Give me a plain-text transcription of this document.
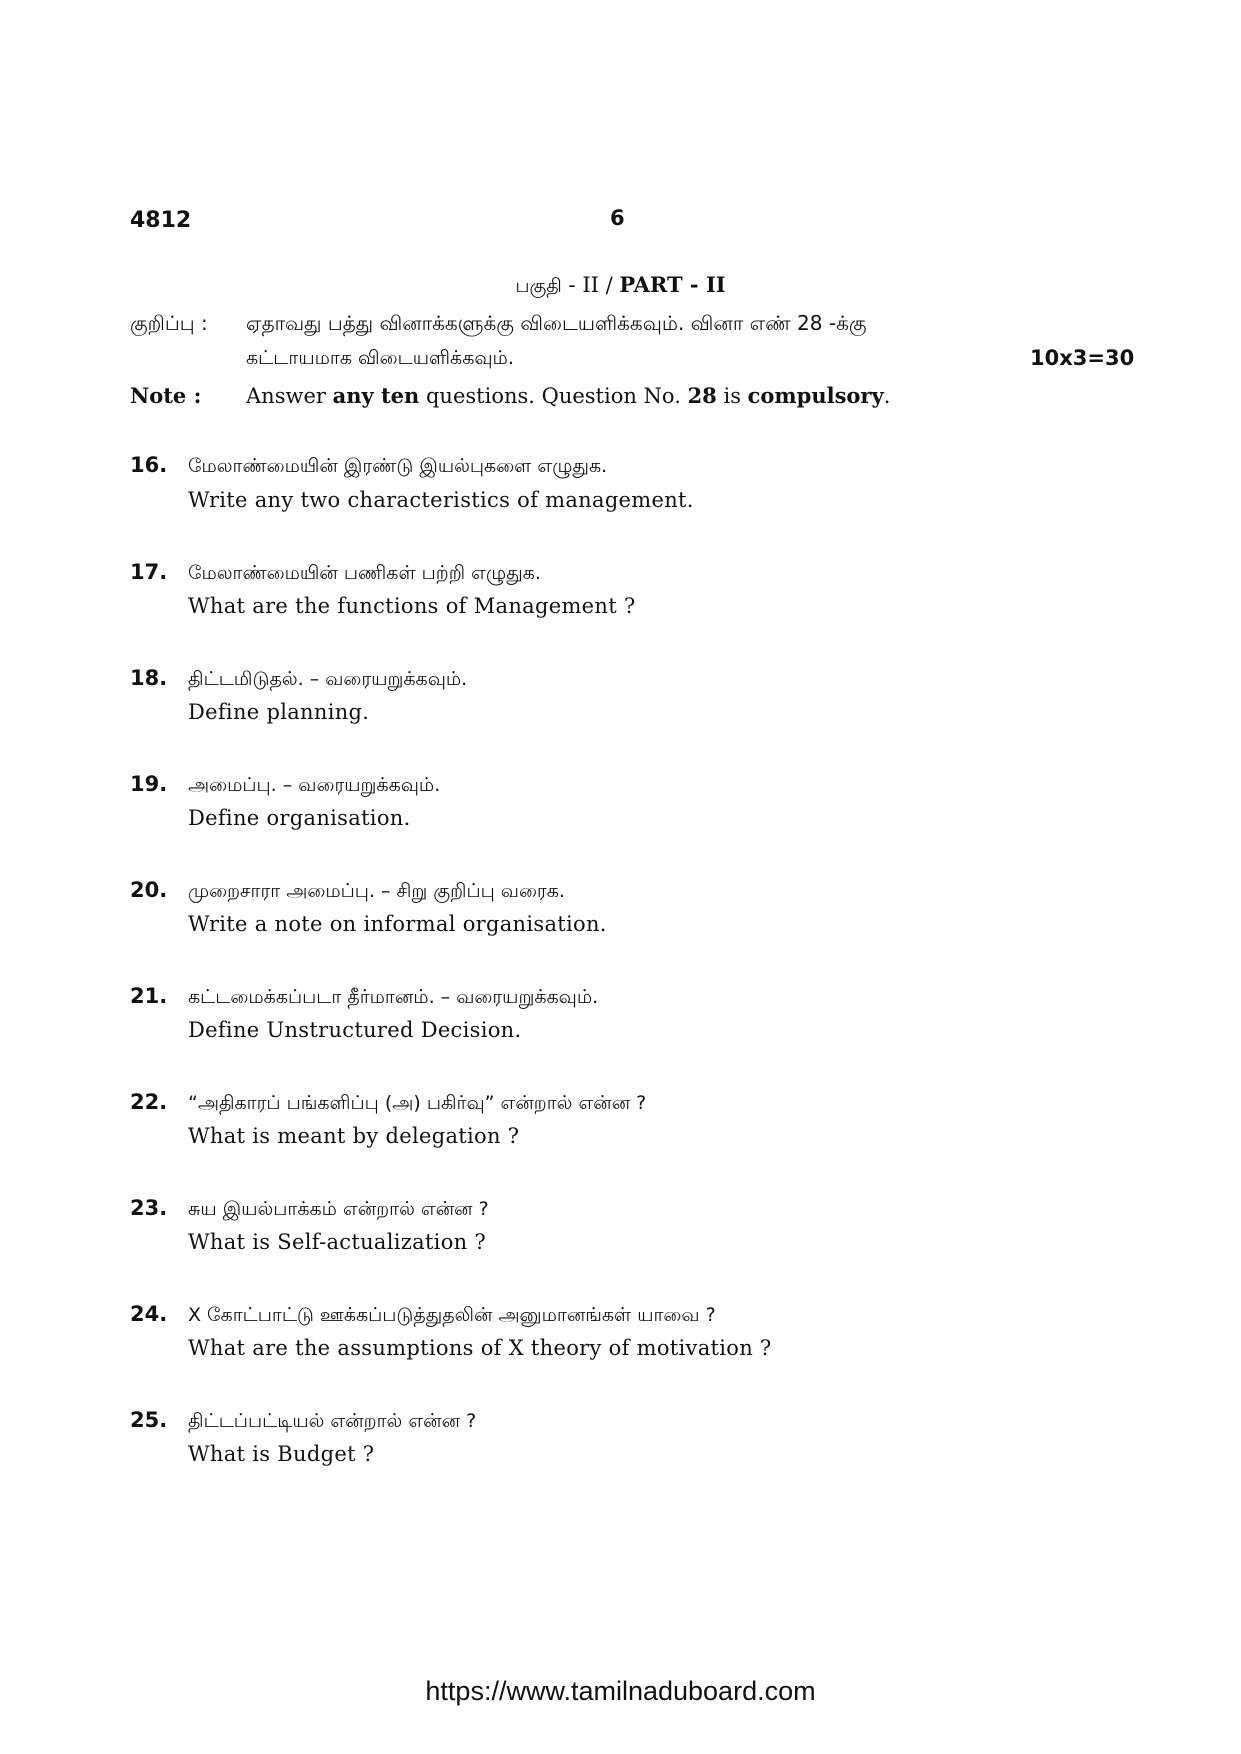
4812	6
பகுதி - II / PART - II
குறிப்பு : ஏதாவது பத்து வினாக்களுக்கு விடையளிக்கவும். வினா எண் 28 -க்கு
கட்டாயமாக விடையளிக்கவும்.	10x3=30
Note : Answer any ten questions. Question No. 28 is compulsory.
16. மேலாண்மையின் இரண்டு இயல்புகளை எழுதுக.
Write any two characteristics of management.
17. மேலாண்மையின் பணிகள் பற்றி எழுதுக.
What are the functions of Management ?
18. திட்டமிடுதல். – வரையறுக்கவும்.
Define planning.
19. அமைப்பு. – வரையறுக்கவும்.
Define organisation.
20. முறைசாரா அமைப்பு. – சிறு குறிப்பு வரைக.
Write a note on informal organisation.
21. கட்டமைக்கப்படா தீர்மானம். – வரையறுக்கவும்.
Define Unstructured Decision.
22. “அதிகாரப் பங்களிப்பு (அ) பகிர்வு” என்றால் என்ன ?
What is meant by delegation ?
23. சுய இயல்பாக்கம் என்றால் என்ன ?
What is Self-actualization ?
24. X கோட்பாட்டு ஊக்கப்படுத்துதலின் அனுமானங்கள் யாவை ?
What are the assumptions of X theory of motivation ?
25. திட்டப்பட்டியல் என்றால் என்ன ?
What is Budget ?
https://www.tamilnaduboard.com
